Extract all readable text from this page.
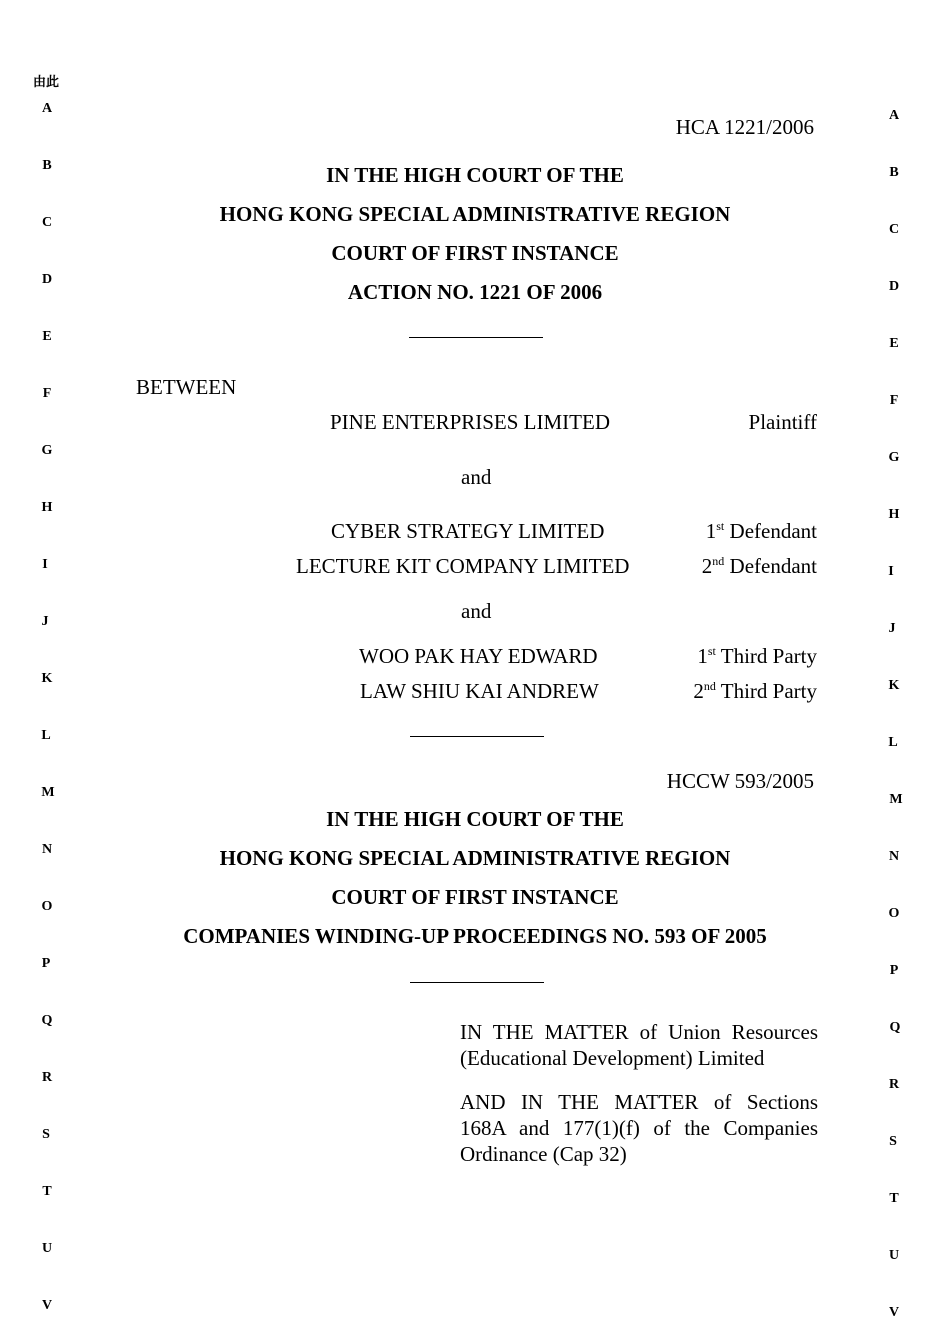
由此
A
B
C
D
E
F
G
H
I
J
K
L
M
N
O
P
Q
R
S
T
U
V
A
B
C
D
E
F
G
H
I
J
K
L
M
N
O
P
Q
R
S
T
U
V
HCA 1221/2006
IN THE HIGH COURT OF THE
HONG KONG SPECIAL ADMINISTRATIVE REGION
COURT OF FIRST INSTANCE
ACTION NO. 1221 OF 2006
BETWEEN
PINE ENTERPRISES LIMITED	Plaintiff
and
CYBER STRATEGY LIMITED	1st Defendant
LECTURE KIT COMPANY LIMITED	2nd Defendant
and
WOO PAK HAY EDWARD	1st Third Party
LAW SHIU KAI ANDREW	2nd Third Party
HCCW 593/2005
IN THE HIGH COURT OF THE
HONG KONG SPECIAL ADMINISTRATIVE REGION
COURT OF FIRST INSTANCE
COMPANIES WINDING-UP PROCEEDINGS NO. 593 OF 2005
IN THE MATTER of Union Resources (Educational Development) Limited
AND IN THE MATTER of Sections 168A and 177(1)(f) of the Companies Ordinance (Cap 32)
